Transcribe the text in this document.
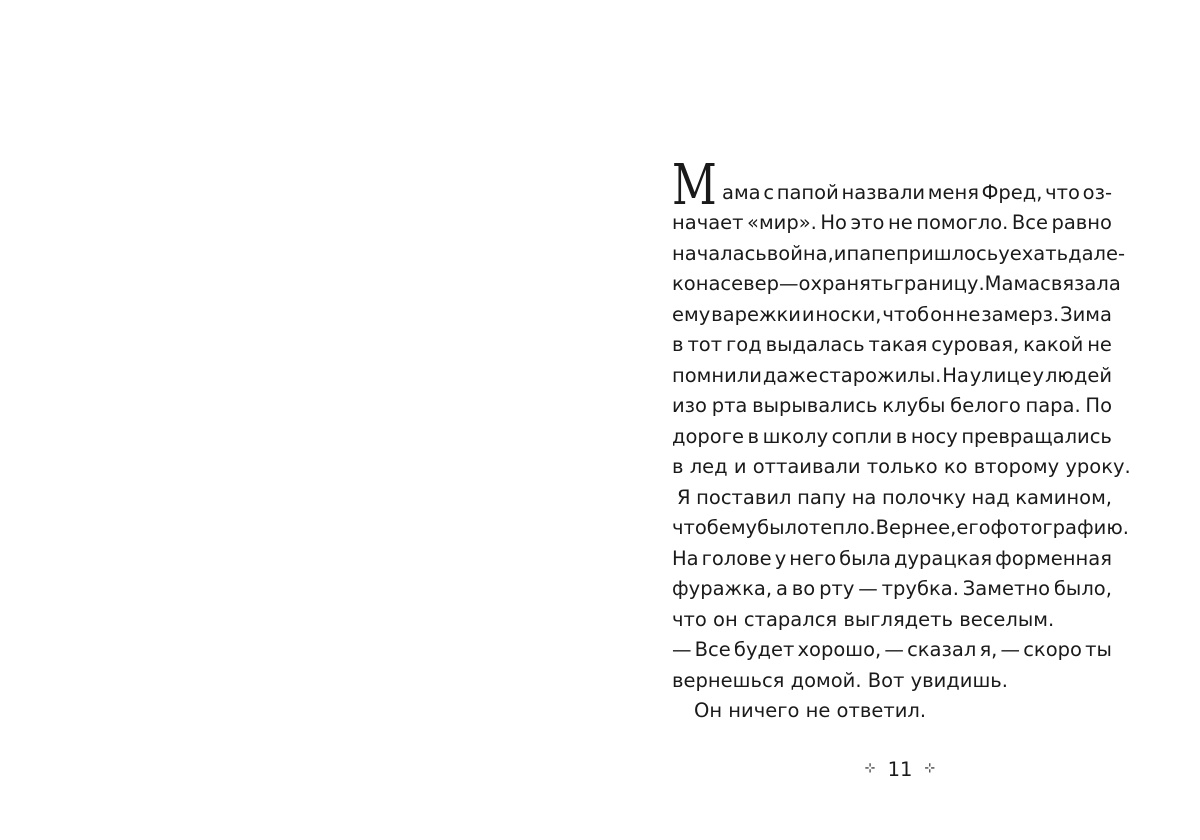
М ама с папой назвали меня Фред, что оз-
начает «мир». Но это не помогло. Все равно
началась война, и папе пришлось уехать дале-
ко на север — охранять границу. Мама связала
ему варежки и носки, чтоб он не замерз. Зима
в тот год выдалась такая суровая, какой не
помнили даже старожилы. На улице у людей
изо рта вырывались клубы белого пара. По
дороге в школу сопли в носу превращались
в лед и оттаивали только ко второму уроку.
Я поставил папу на полочку над камином,
чтоб ему было тепло. Вернее, его фотографию.
На голове у него была дурацкая форменная
фуражка, а во рту — трубка. Заметно было,
что он старался выглядеть веселым.
— Все будет хорошо, — сказал я, — скоро ты
вернешься домой. Вот увидишь.
Он ничего не ответил.
⊹ 11 ⊹
